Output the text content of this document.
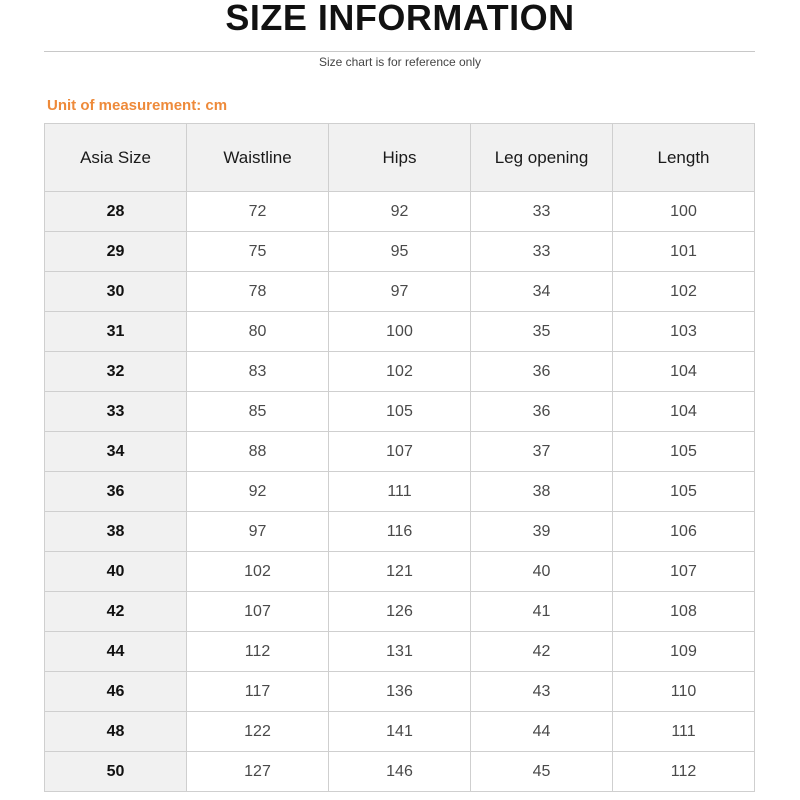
SIZE INFORMATION
Size chart is for reference only
Unit of measurement: cm
Asia Size	Waistline	Hips	Leg opening	Length
28	72	92	33	100
29	75	95	33	101
30	78	97	34	102
31	80	100	35	103
32	83	102	36	104
33	85	105	36	104
34	88	107	37	105
36	92	111	38	105
38	97	116	39	106
40	102	121	40	107
42	107	126	41	108
44	112	131	42	109
46	117	136	43	110
48	122	141	44	111
50	127	146	45	112
